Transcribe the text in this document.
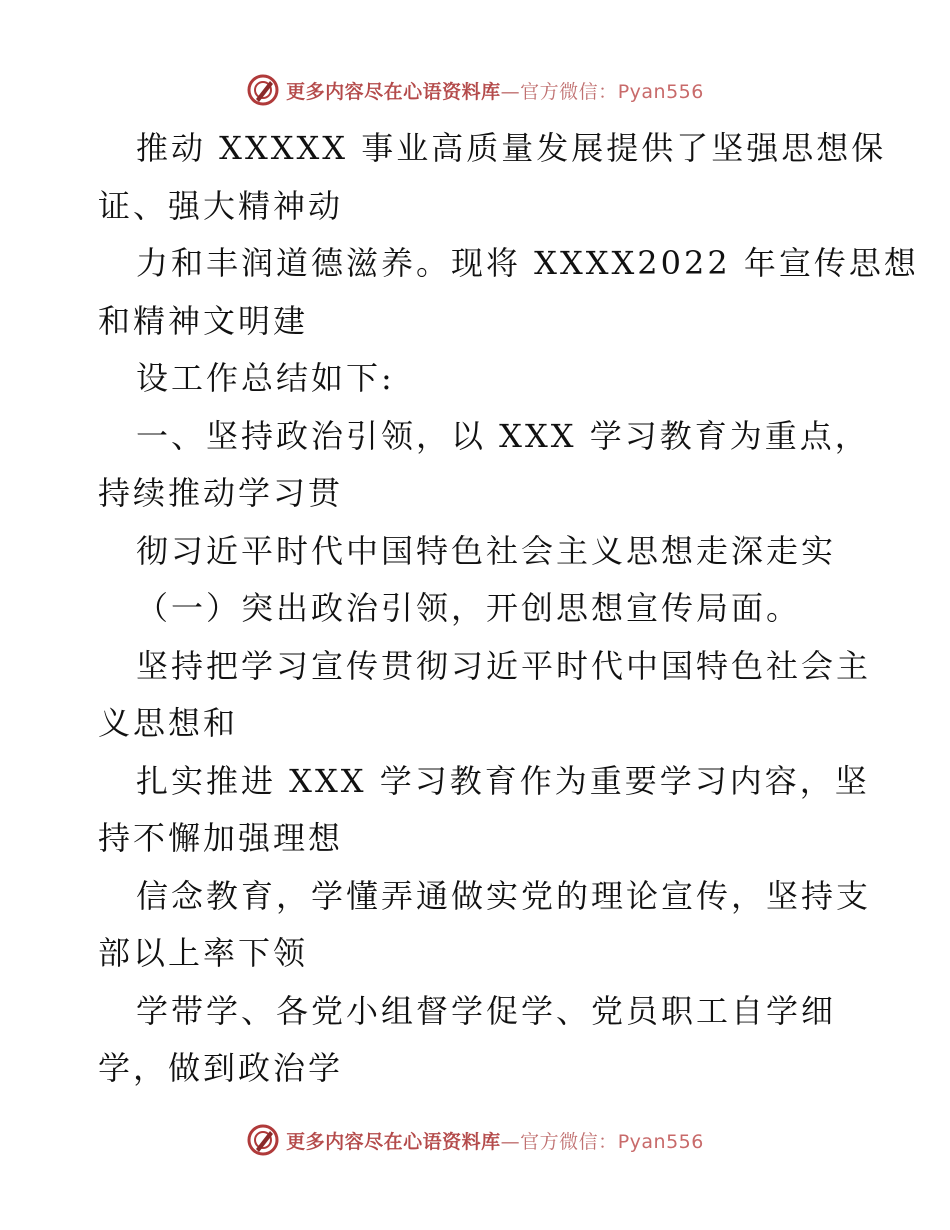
更多内容尽在心语资料库—官方微信：Pyan556
推动 XXXXX 事业高质量发展提供了坚强思想保
证、强大精神动
力和丰润道德滋养。现将 XXXX2022 年宣传思想
和精神文明建
设工作总结如下:
一、坚持政治引领，以 XXX 学习教育为重点，
持续推动学习贯
彻习近平时代中国特色社会主义思想走深走实
（一）突出政治引领，开创思想宣传局面。
坚持把学习宣传贯彻习近平时代中国特色社会主
义思想和
扎实推进 XXX 学习教育作为重要学习内容，坚
持不懈加强理想
信念教育，学懂弄通做实党的理论宣传，坚持支
部以上率下领
学带学、各党小组督学促学、党员职工自学细
学，做到政治学
更多内容尽在心语资料库—官方微信：Pyan556
